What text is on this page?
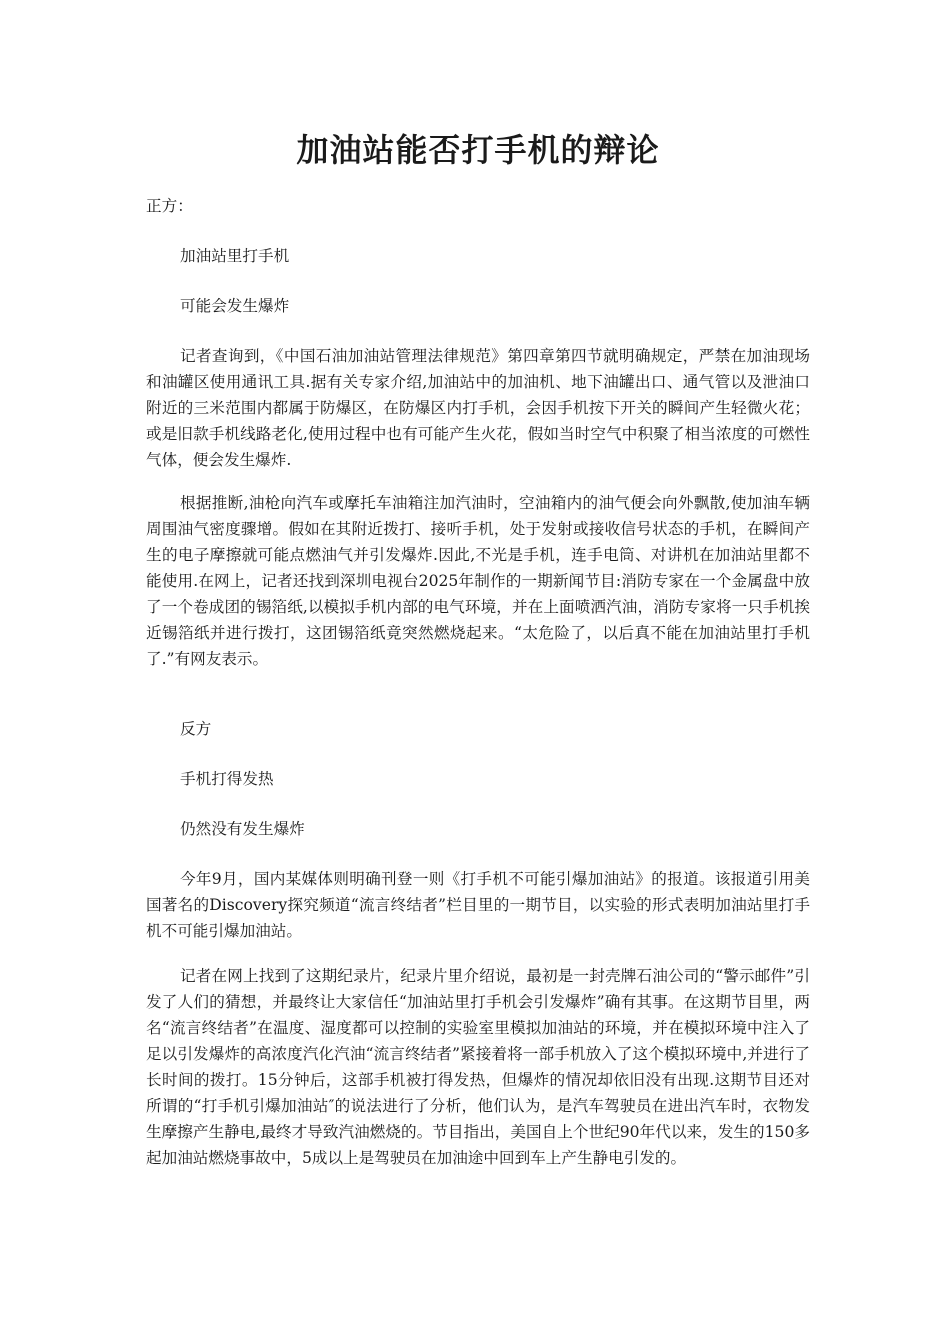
加油站能否打手机的辩论

正方：

加油站里打手机

可能会发生爆炸

记者查询到，《中国石油加油站管理法律规范》第四章第四节就明确规定，严禁在加油现场和油罐区使用通讯工具.据有关专家介绍,加油站中的加油机、地下油罐出口、通气管以及泄油口附近的三米范围内都属于防爆区，在防爆区内打手机，会因手机按下开关的瞬间产生轻微火花；或是旧款手机线路老化,使用过程中也有可能产生火花，假如当时空气中积聚了相当浓度的可燃性气体，便会发生爆炸.

根据推断,油枪向汽车或摩托车油箱注加汽油时，空油箱内的油气便会向外飘散,使加油车辆周围油气密度骤增。假如在其附近拨打、接听手机，处于发射或接收信号状态的手机，在瞬间产生的电子摩擦就可能点燃油气并引发爆炸.因此,不光是手机，连手电筒、对讲机在加油站里都不能使用.在网上，记者还找到深圳电视台2025年制作的一期新闻节目:消防专家在一个金属盘中放了一个卷成团的锡箔纸,以模拟手机内部的电气环境，并在上面喷洒汽油，消防专家将一只手机挨近锡箔纸并进行拨打，这团锡箔纸竟突然燃烧起来。“太危险了，以后真不能在加油站里打手机了.”有网友表示。

反方

手机打得发热

仍然没有发生爆炸

今年9月，国内某媒体则明确刊登一则《打手机不可能引爆加油站》的报道。该报道引用美国著名的Discovery探究频道“流言终结者”栏目里的一期节目，以实验的形式表明加油站里打手机不可能引爆加油站。

记者在网上找到了这期纪录片，纪录片里介绍说，最初是一封壳牌石油公司的“警示邮件”引发了人们的猜想，并最终让大家信任“加油站里打手机会引发爆炸”确有其事。在这期节目里，两名“流言终结者”在温度、湿度都可以控制的实验室里模拟加油站的环境，并在模拟环境中注入了足以引发爆炸的高浓度汽化汽油“流言终结者”紧接着将一部手机放入了这个模拟环境中,并进行了长时间的拨打。15分钟后，这部手机被打得发热，但爆炸的情况却依旧没有出现.这期节目还对所谓的“打手机引爆加油站″的说法进行了分析，他们认为，是汽车驾驶员在进出汽车时，衣物发生摩擦产生静电,最终才导致汽油燃烧的。节目指出，美国自上个世纪90年代以来，发生的150多起加油站燃烧事故中，5成以上是驾驶员在加油途中回到车上产生静电引发的。
